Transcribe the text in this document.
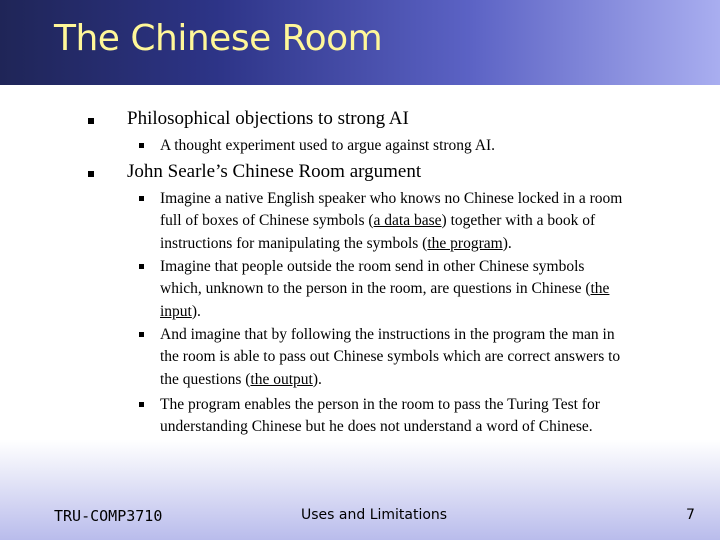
The Chinese Room
Philosophical objections to strong AI
A thought experiment used to argue against strong AI.
John Searle’s Chinese Room argument
Imagine a native English speaker who knows no Chinese locked in a room
full of boxes of Chinese symbols (a data base) together with a book of
instructions for manipulating the symbols (the program).
Imagine that people outside the room send in other Chinese symbols
which, unknown to the person in the room, are questions in Chinese (the
input).
And imagine that by following the instructions in the program the man in
the room is able to pass out Chinese symbols which are correct answers to
the questions (the output).
The program enables the person in the room to pass the Turing Test for
understanding Chinese but he does not understand a word of Chinese.
TRU-COMP3710	Uses and Limitations	7
